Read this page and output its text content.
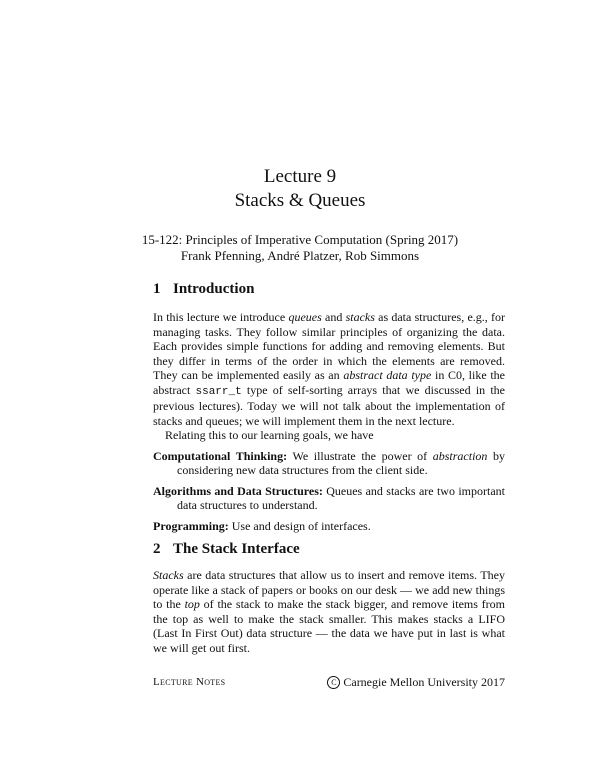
Lecture 9
Stacks & Queues
15-122: Principles of Imperative Computation (Spring 2017)
Frank Pfenning, André Platzer, Rob Simmons
1 Introduction

In this lecture we introduce queues and stacks as data structures, e.g., for managing tasks. They follow similar principles of organizing the data. Each provides simple functions for adding and removing elements. But they differ in terms of the order in which the elements are removed. They can be implemented easily as an abstract data type in C0, like the abstract ssarr_t type of self-sorting arrays that we discussed in the previous lectures). Today we will not talk about the implementation of stacks and queues; we will implement them in the next lecture.

Relating this to our learning goals, we have

Computational Thinking: We illustrate the power of abstraction by considering new data structures from the client side.
Algorithms and Data Structures: Queues and stacks are two important data structures to understand.
Programming: Use and design of interfaces.
2 The Stack Interface

Stacks are data structures that allow us to insert and remove items. They operate like a stack of papers or books on our desk — we add new things to the top of the stack to make the stack bigger, and remove items from the top as well to make the stack smaller. This makes stacks a LIFO (Last In First Out) data structure — the data we have put in last is what we will get out first.

Lecture Notes	C Carnegie Mellon University 2017
